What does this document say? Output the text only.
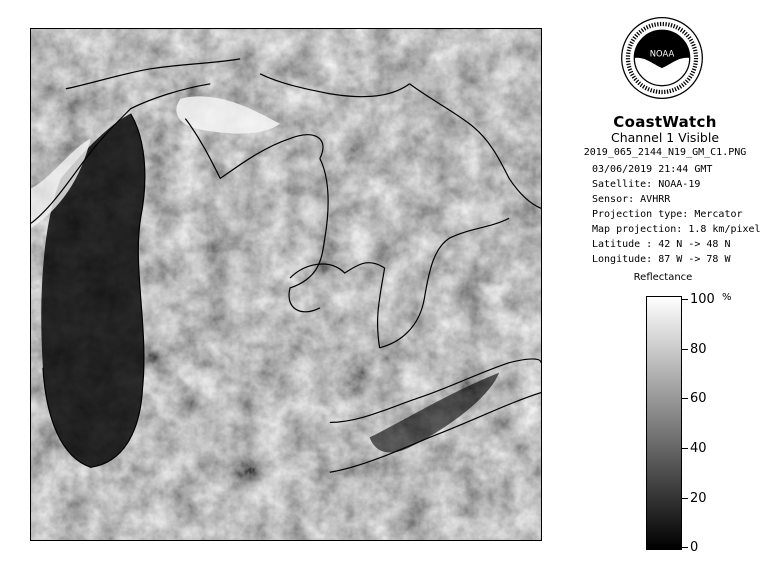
NOAA
CoastWatch
Channel 1 Visible
2019_065_2144_N19_GM_C1.PNG
03/06/2019 21:44 GMT
Satellite: NOAA-19
Sensor: AVHRR
Projection type: Mercator
Map projection: 1.8 km/pixel
Latitude : 42 N -> 48 N
Longitude: 87 W -> 78 W
Reflectance
%
100
80
60
40
20
0
